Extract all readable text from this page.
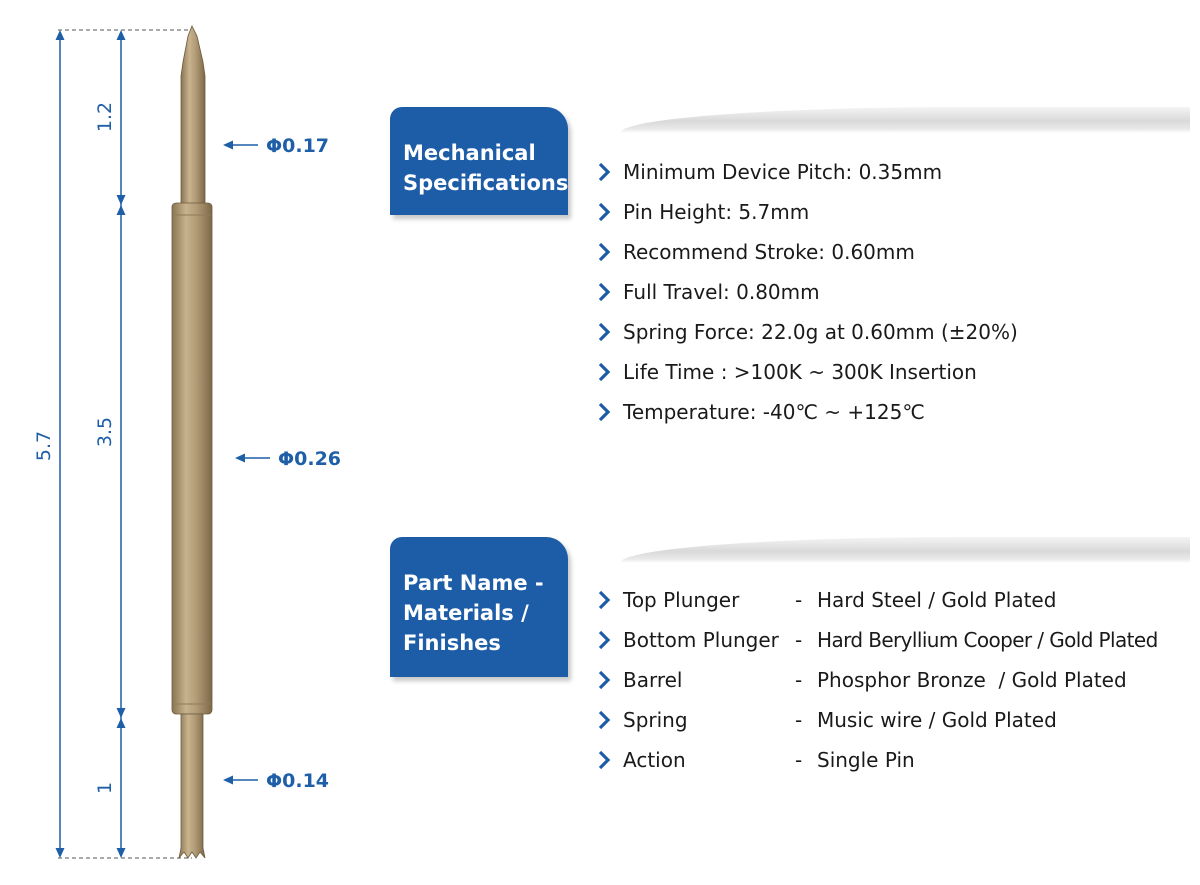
5.7
1.2
3.5
1
Φ0.17
Φ0.26
Φ0.14
Mechanical
Specifications	Minimum Device Pitch: 0.35mm
Pin Height: 5.7mm
Recommend Stroke: 0.60mm
Full Travel: 0.80mm
Spring Force: 22.0g at 0.60mm (±20%)
Life Time : >100K ~ 300K Insertion
Temperature: -40℃ ~ +125℃
Part Name -
Materials /
Finishes
Top Plunger	- Hard Steel / Gold Plated
Bottom Plunger - Hard Beryllium Cooper / Gold Plated
Barrel	- Phosphor Bronze  / Gold Plated
Spring	- Music wire / Gold Plated
Action	- Single Pin
